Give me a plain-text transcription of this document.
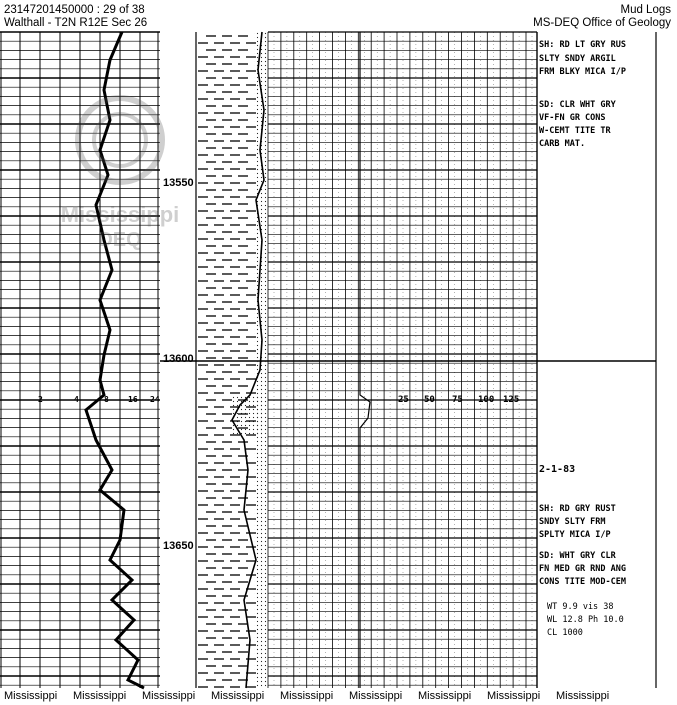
23147201450000 : 29 of 38
Walthall - T2N R12E Sec 26
Mud Logs
MS-DEQ Office of Geology
Mississippi
DEQ
13550
13600
13650
2	4	8 16 24	25 50 75 100 125
SH: RD LT GRY RUS
SLTY SNDY ARGIL
FRM BLKY MICA I/P
SD: CLR WHT GRY
VF-FN GR CONS
W-CEMT TITE TR
CARB MAT.
2-1-83
SH: RD GRY RUST
SNDY SLTY FRM
SPLTY MICA I/P
SD: WHT GRY CLR
FN MED GR RND ANG
CONS TITE MOD-CEM
WT 9.9 vis 38
WL 12.8 Ph 10.0
CL 1000
Mississippi Mississippi Mississippi Mississippi Mississippi Mississippi Mississippi Mississippi Mississippi
